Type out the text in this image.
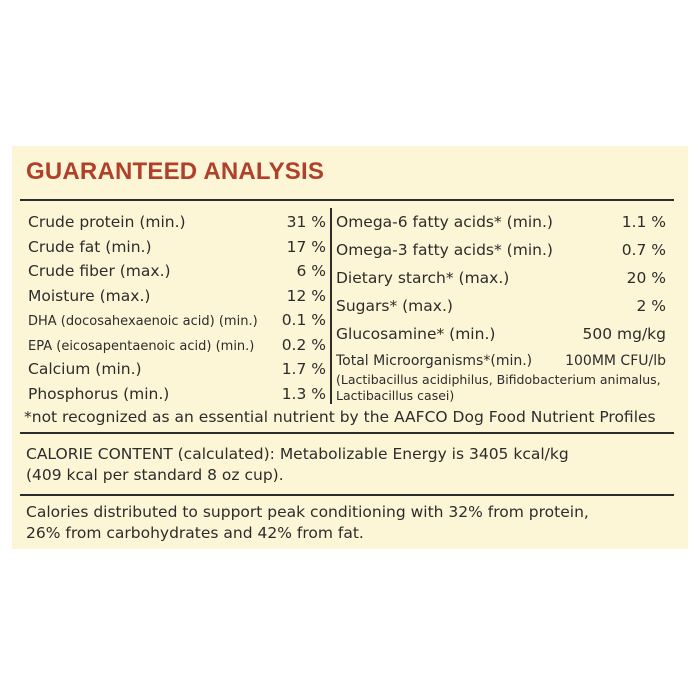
GUARANTEED ANALYSIS
Crude protein (min.)	31 %
Crude fat (min.)	17 %
Crude fiber (max.)	6 %
Moisture (max.)	12 %
DHA (docosahexaenoic acid) (min.) 0.1 %
EPA (eicosapentaenoic acid) (min.) 0.2 %
Calcium (min.)	1.7 %
Phosphorus (min.)	1.3 %
Omega-6 fatty acids* (min.)	1.1 %
Omega-3 fatty acids* (min.)	0.7 %
Dietary starch* (max.)	20 %
Sugars* (max.)	2 %
Glucosamine* (min.)	500 mg/kg
Total Microorganisms*(min.) 100MM CFU/lb
(Lactibacillus acidiphilus, Bifidobacterium animalus,
Lactibacillus casei)
*not recognized as an essential nutrient by the AAFCO Dog Food Nutrient Profiles
CALORIE CONTENT (calculated): Metabolizable Energy is 3405 kcal/kg
(409 kcal per standard 8 oz cup).
Calories distributed to support peak conditioning with 32% from protein,
26% from carbohydrates and 42% from fat.
